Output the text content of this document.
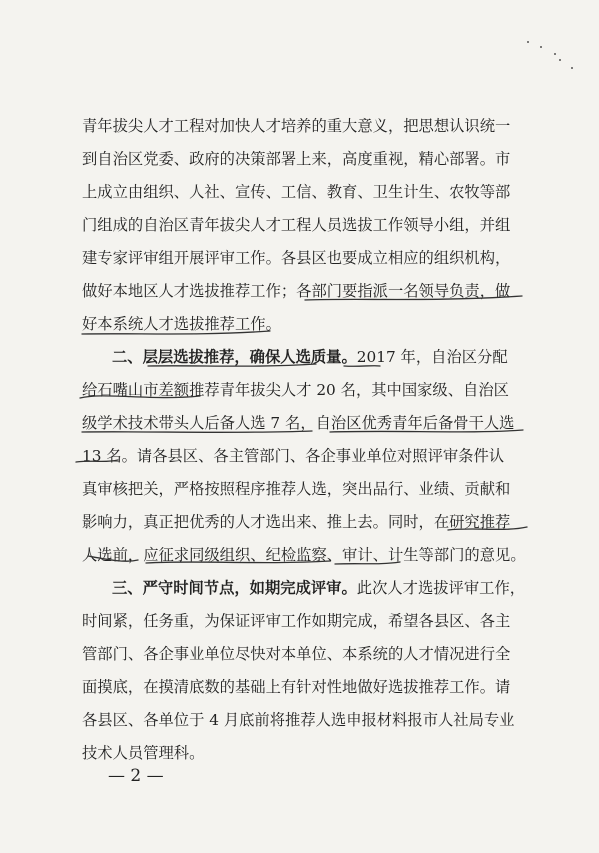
青年拔尖人才工程对加快人才培养的重大意义，把思想认识统一
到自治区党委、政府的决策部署上来，高度重视，精心部署。市
上成立由组织、人社、宣传、工信、教育、卫生计生、农牧等部
门组成的自治区青年拔尖人才工程人员选拔工作领导小组，并组
建专家评审组开展评审工作。各县区也要成立相应的组织机构，
做好本地区人才选拔推荐工作；各部门要指派一名领导负责，做
好本系统人才选拔推荐工作。
二、层层选拔推荐，确保人选质量。2017 年，自治区分配
给石嘴山市差额推荐青年拔尖人才 20 名，其中国家级、自治区
级学术技术带头人后备人选 7 名，自治区优秀青年后备骨干人选
13 名。请各县区、各主管部门、各企事业单位对照评审条件认
真审核把关，严格按照程序推荐人选，突出品行、业绩、贡献和
影响力，真正把优秀的人才选出来、推上去。同时，在研究推荐
人选前，应征求同级组织、纪检监察、审计、计生等部门的意见。
三、严守时间节点，如期完成评审。此次人才选拔评审工作，
时间紧，任务重，为保证评审工作如期完成，希望各县区、各主
管部门、各企事业单位尽快对本单位、本系统的人才情况进行全
面摸底，在摸清底数的基础上有针对性地做好选拔推荐工作。请
各县区、各单位于 4 月底前将推荐人选申报材料报市人社局专业
技术人员管理科。
— 2 —
